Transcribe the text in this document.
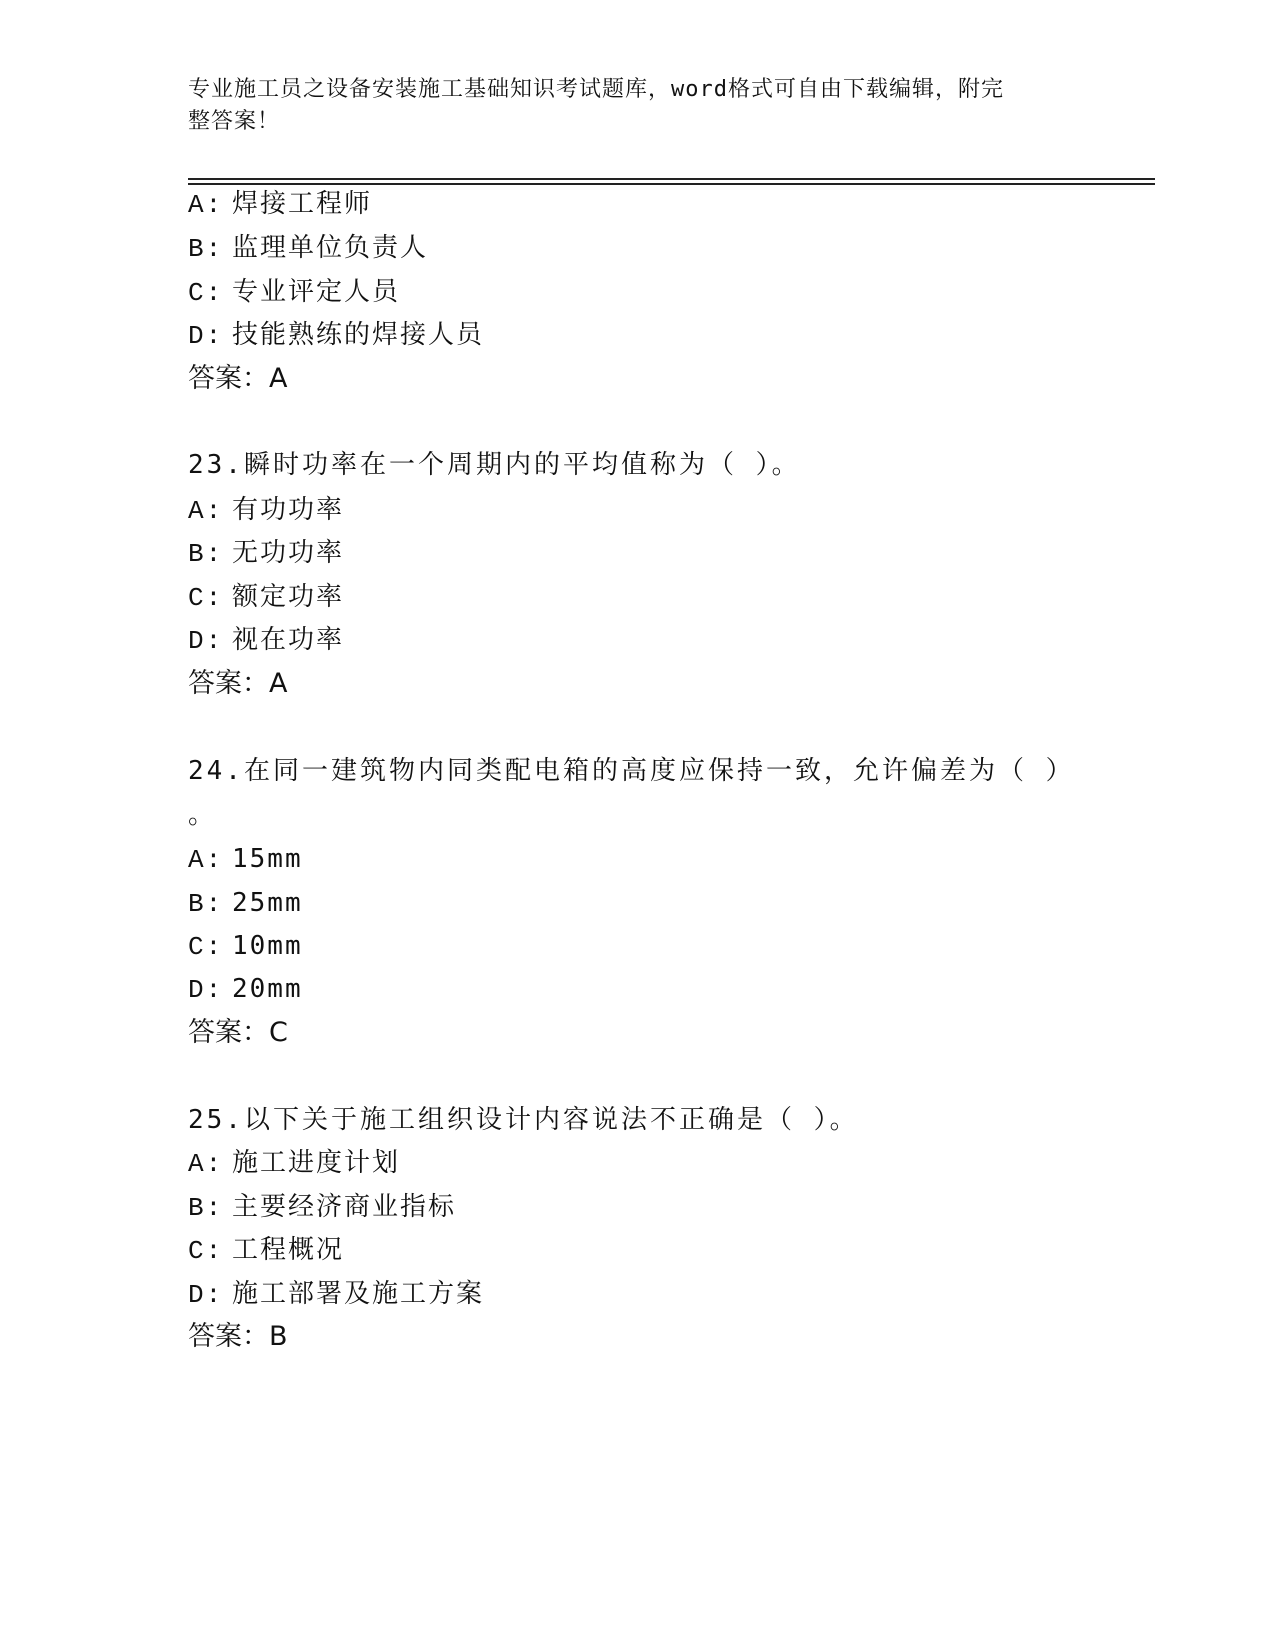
专业施工员之设备安装施工基础知识考试题库，word格式可自由下载编辑，附完
整答案！
A: 焊接工程师
B: 监理单位负责人
C: 专业评定人员
D: 技能熟练的焊接人员
答案：A
23.瞬时功率在一个周期内的平均值称为（ ）。
A: 有功功率
B: 无功功率
C: 额定功率
D: 视在功率
答案：A
24.在同一建筑物内同类配电箱的高度应保持一致，允许偏差为（ ）
。
A: 15mm
B: 25mm
C: 10mm
D: 20mm
答案：C
25.以下关于施工组织设计内容说法不正确是（ ）。
A: 施工进度计划
B: 主要经济商业指标
C: 工程概况
D: 施工部署及施工方案
答案：B
